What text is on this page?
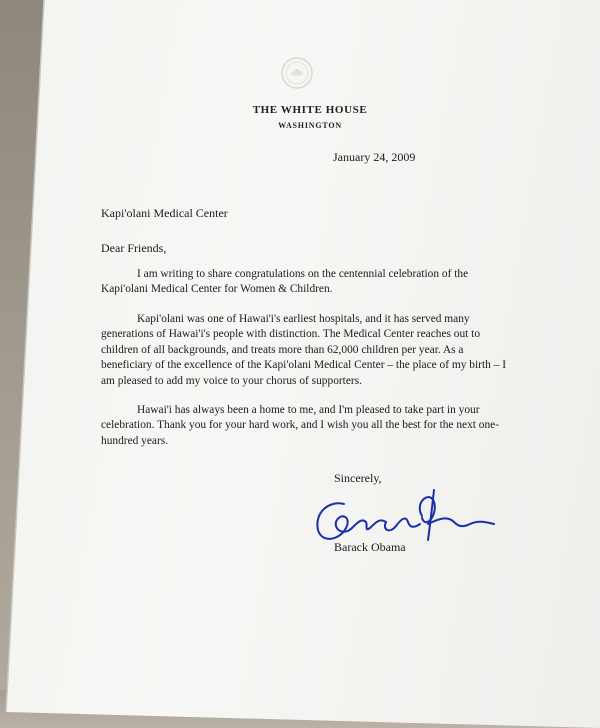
THE WHITE HOUSE
WASHINGTON
January 24, 2009
Kapi'olani Medical Center
Dear Friends,
I am writing to share congratulations on the centennial celebration of the
Kapi'olani Medical Center for Women & Children.
Kapi'olani was one of Hawai'i's earliest hospitals, and it has served many
generations of Hawai'i's people with distinction. The Medical Center reaches out to
children of all backgrounds, and treats more than 62,000 children per year. As a
beneficiary of the excellence of the Kapi'olani Medical Center – the place of my birth – I
am pleased to add my voice to your chorus of supporters.
Hawai'i has always been a home to me, and I'm pleased to take part in your
celebration. Thank you for your hard work, and I wish you all the best for the next one-
hundred years.
Sincerely,
Barack Obama
